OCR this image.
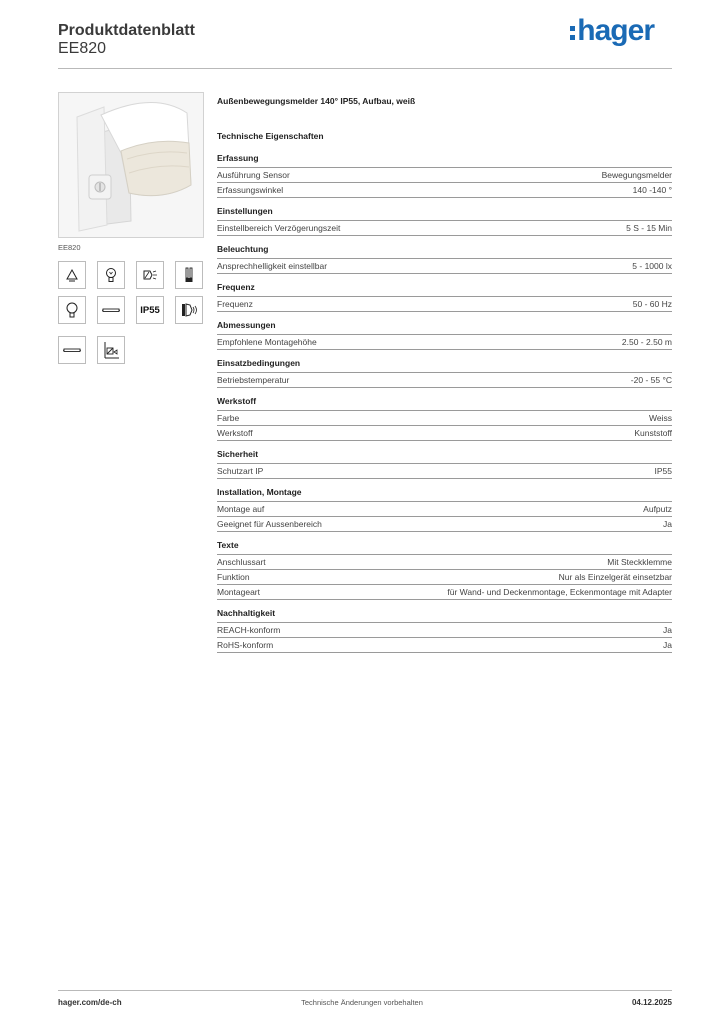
Produktdatenblatt
EE820
hager
EE820
IP55
Außenbewegungsmelder 140° IP55, Aufbau, weiß
Technische Eigenschaften
Erfassung
Ausführung Sensor	Bewegungsmelder
Erfassungswinkel	140 -140 °
Einstellungen
Einstellbereich Verzögerungszeit	5 S - 15 Min
Beleuchtung
Ansprechhelligkeit einstellbar	5 - 1000 lx
Frequenz
Frequenz	50 - 60 Hz
Abmessungen
Empfohlene Montagehöhe	2.50 - 2.50 m
Einsatzbedingungen
Betriebstemperatur	-20 - 55 °C
Werkstoff
Farbe	Weiss
Werkstoff	Kunststoff
Sicherheit
Schutzart IP	IP55
Installation, Montage
Montage auf	Aufputz
Geeignet für Aussenbereich	Ja
Texte
Anschlussart	Mit Steckklemme
Funktion	Nur als Einzelgerät einsetzbar
Montageart	für Wand- und Deckenmontage, Eckenmontage mit Adapter
Nachhaltigkeit
REACH-konform	Ja
RoHS-konform	Ja
hager.com/de-ch	Technische Änderungen vorbehalten	04.12.2025
